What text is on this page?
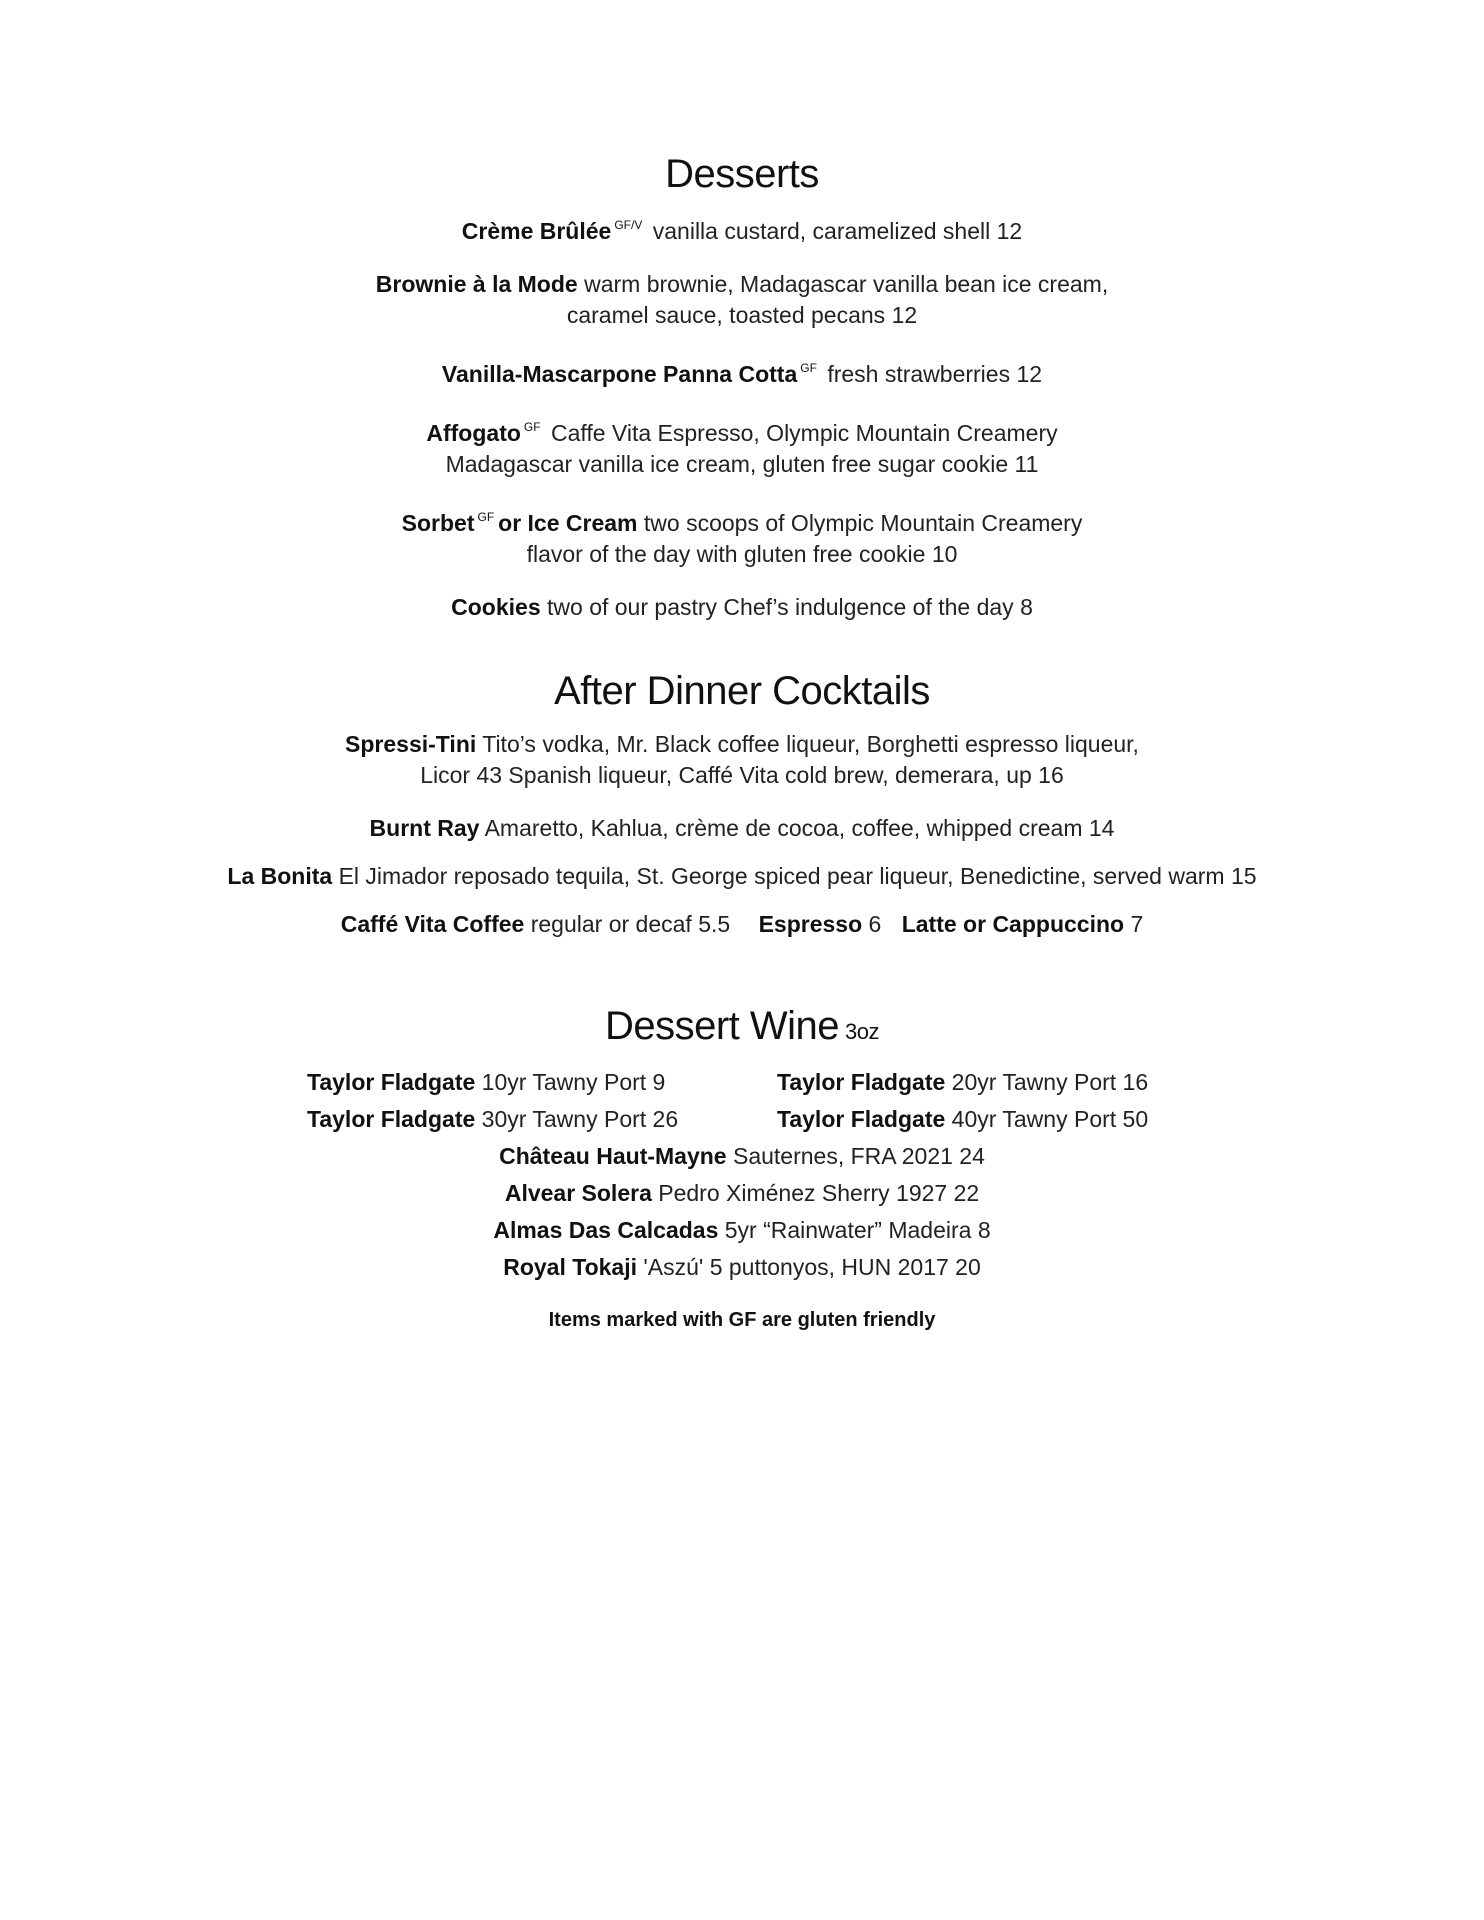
Desserts

Crème Brûlée $^{GF/V}$ vanilla custard, caramelized shell 12

Brownie à la Mode warm brownie, Madagascar vanilla bean ice cream,

caramel sauce, toasted pecans 12

Vanilla-Mascarpone Panna Cotta $^{GF}$ fresh strawberries 12

Affogato $^{GF}$ Caffe Vita Espresso, Olympic Mountain Creamery

Madagascar vanilla ice cream, gluten free sugar cookie 11

Sorbet $^{GF}$ or Ice Cream two scoops of Olympic Mountain Creamery

flavor of the day with gluten free cookie 10

Cookies two of our pastry Chef’s indulgence of the day 8

After Dinner Cocktails

Spressi-Tini Tito’s vodka, Mr. Black coffee liqueur, Borghetti espresso liqueur,

Licor 43 Spanish liqueur, Caffé Vita cold brew, demerara, up 16

Burnt Ray Amaretto, Kahlua, crème de cocoa, coffee, whipped cream 14

La Bonita El Jimador reposado tequila, St. George spiced pear liqueur, Benedictine, served warm 15

Caffé Vita Coffee regular or decaf 5.5 Espresso 6 Latte or Cappuccino 7

Dessert Wine 3oz
Taylor Fladgate 10yr Tawny Port 9	Taylor Fladgate 20yr Tawny Port 16
Taylor Fladgate 30yr Tawny Port 26	Taylor Fladgate 40yr Tawny Port 50

Château Haut-Mayne Sauternes, FRA 2021 24

Alvear Solera Pedro Ximénez Sherry 1927 22

Almas Das Calcadas 5yr “Rainwater” Madeira 8

Royal Tokaji 'Aszú' 5 puttonyos, HUN 2017 20

Items marked with GF are gluten friendly
